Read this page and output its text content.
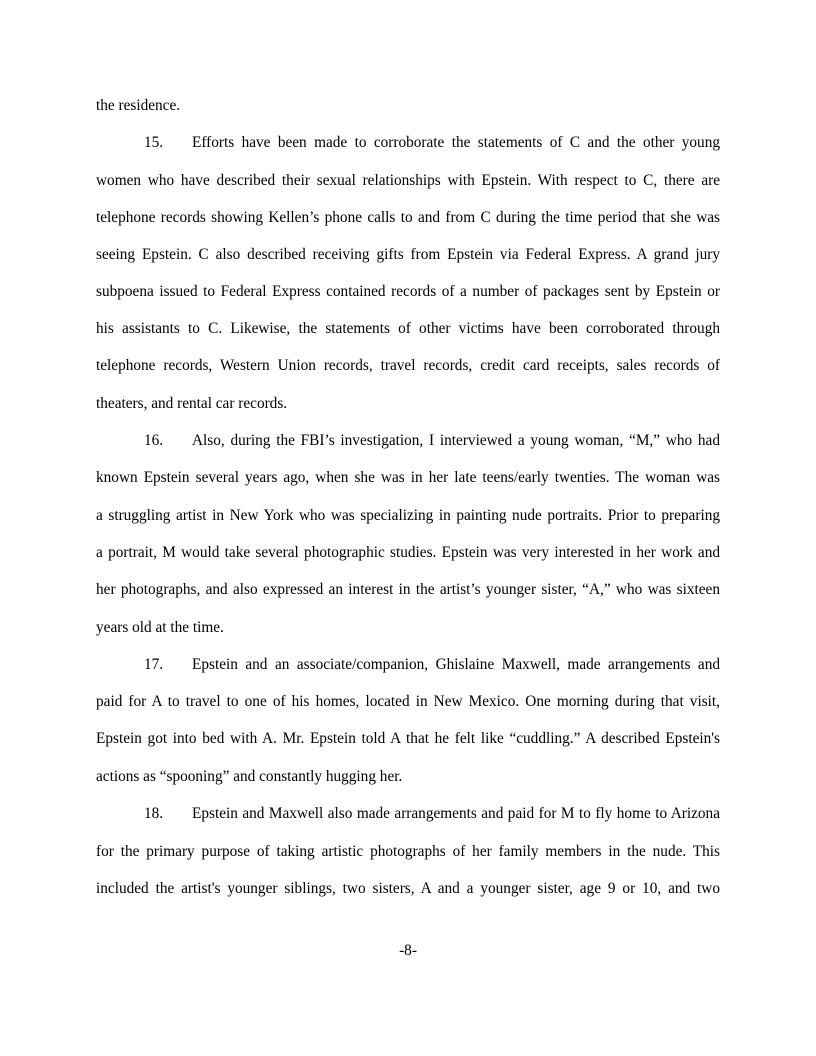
the residence.
15.	Efforts have been made to corroborate the statements of C and the other young
women who have described their sexual relationships with Epstein. With respect to C, there are
telephone records showing Kellen’s phone calls to and from C during the time period that she was
seeing Epstein. C also described receiving gifts from Epstein via Federal Express. A grand jury
subpoena issued to Federal Express contained records of a number of packages sent by Epstein or
his assistants to C. Likewise, the statements of other victims have been corroborated through
telephone records, Western Union records, travel records, credit card receipts, sales records of
theaters, and rental car records.
16.	Also, during the FBI’s investigation, I interviewed a young woman, “M,” who had
known Epstein several years ago, when she was in her late teens/early twenties. The woman was
a struggling artist in New York who was specializing in painting nude portraits. Prior to preparing
a portrait, M would take several photographic studies. Epstein was very interested in her work and
her photographs, and also expressed an interest in the artist’s younger sister, “A,” who was sixteen
years old at the time.
17.	Epstein and an associate/companion, Ghislaine Maxwell, made arrangements and
paid for A to travel to one of his homes, located in New Mexico. One morning during that visit,
Epstein got into bed with A. Mr. Epstein told A that he felt like “cuddling.” A described Epstein's
actions as “spooning” and constantly hugging her.
18.	Epstein and Maxwell also made arrangements and paid for M to fly home to Arizona
for the primary purpose of taking artistic photographs of her family members in the nude. This
included the artist's younger siblings, two sisters, A and a younger sister, age 9 or 10, and two
-8-
